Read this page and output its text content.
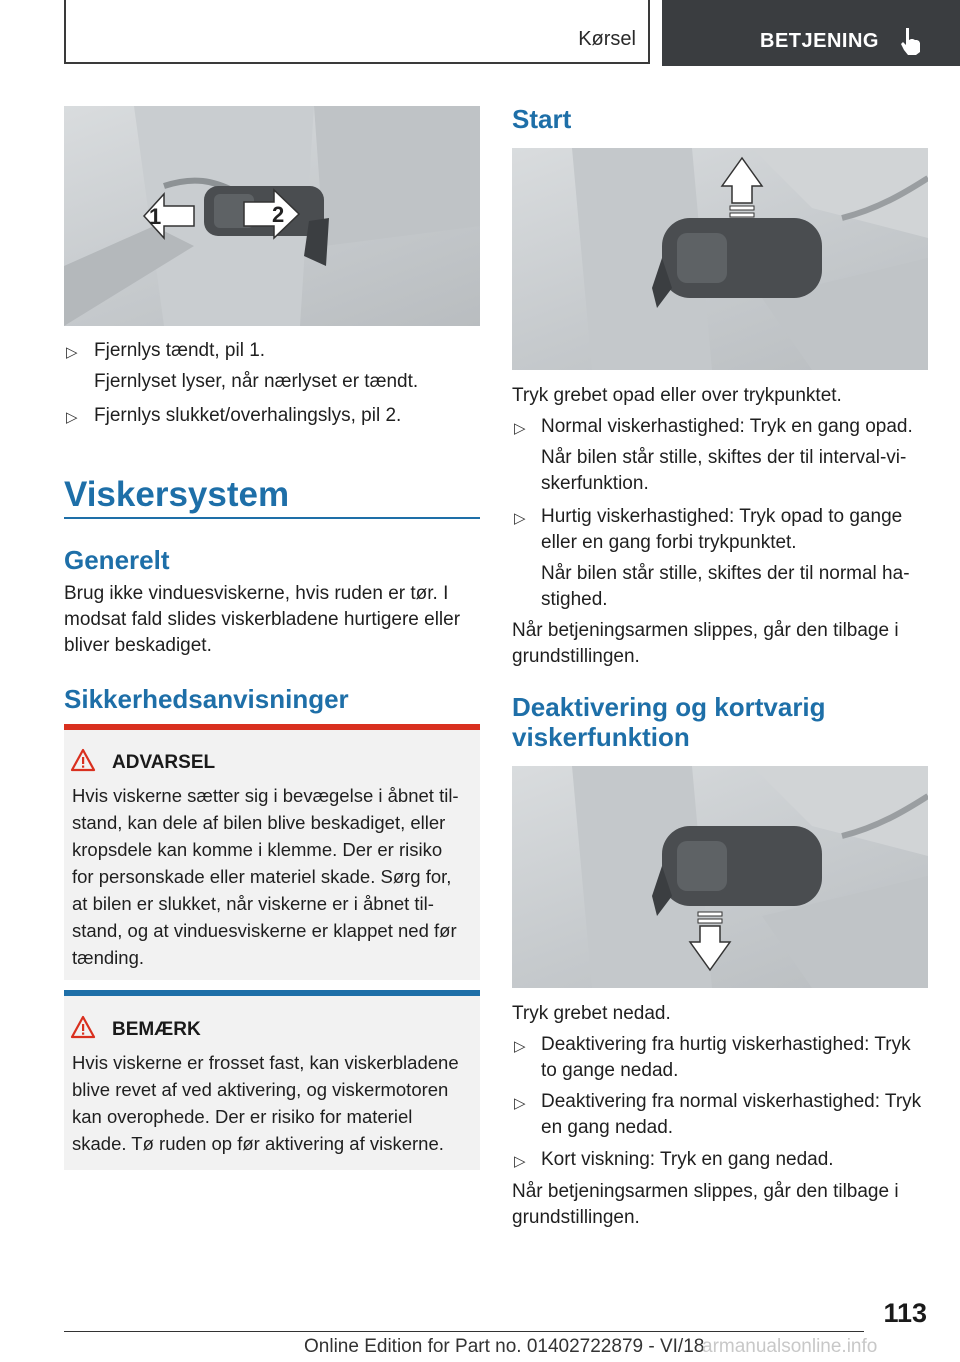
Kørsel	BETJENING
1	2
▷ Fjernlys tændt, pil 1.
Fjernlyset lyser, når nærlyset er tændt.
▷ Fjernlys slukket/overhalingslys, pil 2.
Viskersystem
Generelt
Brug ikke vinduesviskerne, hvis ruden er tør. I
modsat fald slides viskerbladene hurtigere eller
bliver beskadiget.
Sikkerhedsanvisninger
ADVARSEL
Hvis viskerne sætter sig i bevægelse i åbnet til-
stand, kan dele af bilen blive beskadiget, eller
kropsdele kan komme i klemme. Der er risiko
for personskade eller materiel skade. Sørg for,
at bilen er slukket, når viskerne er i åbnet til-
stand, og at vinduesviskerne er klappet ned før
tænding.
BEMÆRK
Hvis viskerne er frosset fast, kan viskerbladene
blive revet af ved aktivering, og viskermotoren
kan overophede. Der er risiko for materiel
skade. Tø ruden op før aktivering af viskerne.
Start
Tryk grebet opad eller over trykpunktet.
▷ Normal viskerhastighed: Tryk en gang opad.
Når bilen står stille, skiftes der til interval-vi-
skerfunktion.
▷ Hurtig viskerhastighed: Tryk opad to gange
eller en gang forbi trykpunktet.
Når bilen står stille, skiftes der til normal ha-
stighed.
Når betjeningsarmen slippes, går den tilbage i
grundstillingen.
Deaktivering og kortvarig
viskerfunktion
Tryk grebet nedad.
▷ Deaktivering fra hurtig viskerhastighed: Tryk
to gange nedad.
▷ Deaktivering fra normal viskerhastighed: Tryk
en gang nedad.
▷ Kort viskning: Tryk en gang nedad.
Når betjeningsarmen slippes, går den tilbage i
grundstillingen.
113
Online Edition for Part no. 01402722879 - VI/18
armanualsonline.info
